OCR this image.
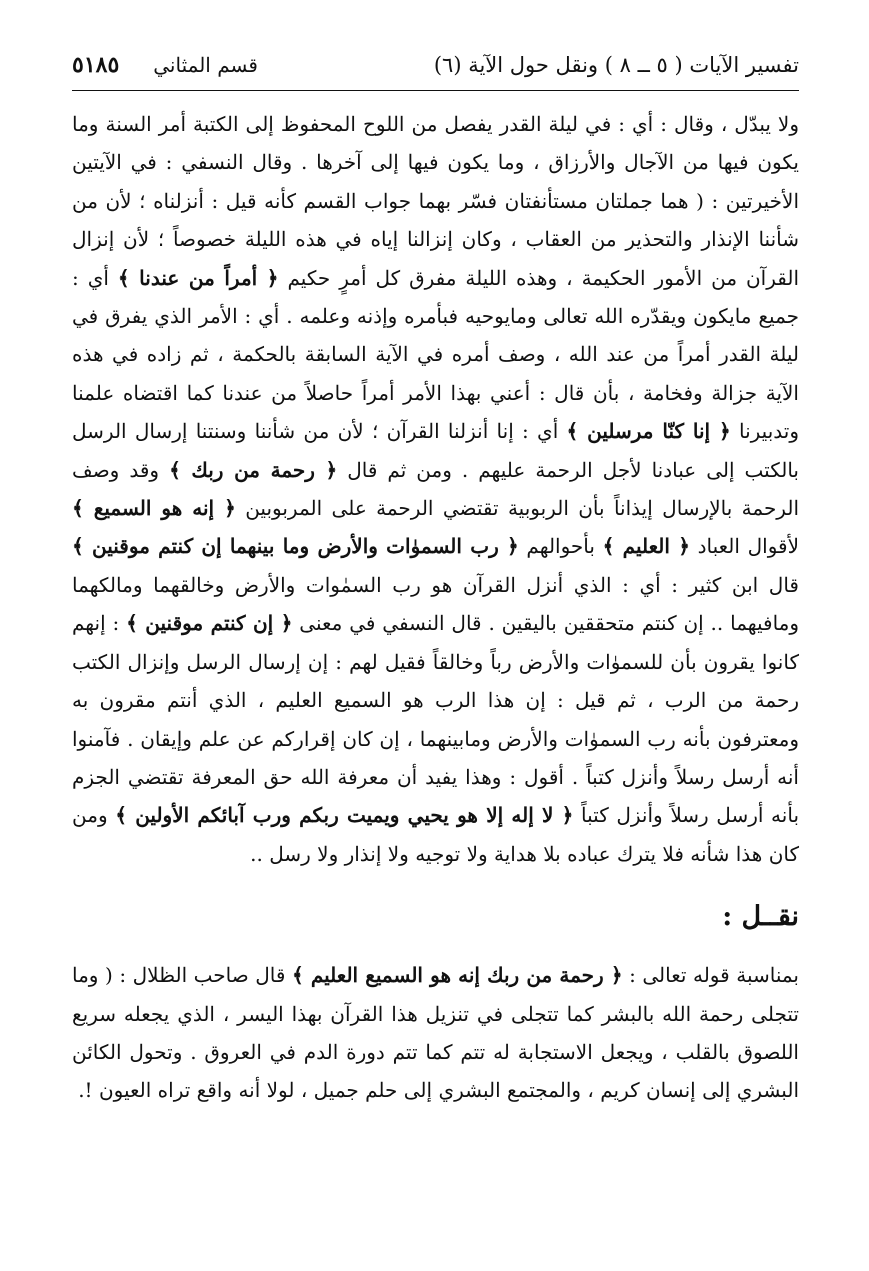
تفسير الآيات ( ٥ ــ ٨ ) ونقل حول الآية (٦)
قسم المثاني
٥١٨٥

ولا يبدّل ، وقال : أي : في ليلة القدر يفصل من اللوح المحفوظ إلى الكتبة أمر السنة وما يكون فيها من الآجال والأرزاق ، وما يكون فيها إلى آخرها . وقال النسفي : في الآيتين الأخيرتين : ( هما جملتان مستأنفتان فسّر بهما جواب القسم كأنه قيل : أنزلناه ؛ لأن من شأننا الإنذار والتحذير من العقاب ، وكان إنزالنا إياه في هذه الليلة خصوصاً ؛ لأن إنزال القرآن من الأمور الحكيمة ، وهذه الليلة مفرق كل أمرٍ حكيم ﴿ أمراً من عندنا ﴾ أي : جميع مايكون ويقدّره الله تعالى ومايوحيه فبأمره وإذنه وعلمه . أي : الأمر الذي يفرق في ليلة القدر أمراً من عند الله ، وصف أمره في الآية السابقة بالحكمة ، ثم زاده في هذه الآية جزالة وفخامة ، بأن قال : أعني بهذا الأمر أمراً حاصلاً من عندنا كما اقتضاه علمنا وتدبيرنا ﴿ إنا كنّا مرسلين ﴾ أي : إنا أنزلنا القرآن ؛ لأن من شأننا وسنتنا إرسال الرسل بالكتب إلى عبادنا لأجل الرحمة عليهم . ومن ثم قال ﴿ رحمة من ربك ﴾ وقد وصف الرحمة بالإرسال إيذاناً بأن الربوبية تقتضي الرحمة على المربوبين ﴿ إنه هو السميع ﴾ لأقوال العباد ﴿ العليم ﴾ بأحوالهم ﴿ رب السموٰات والأرض وما بينهما إن كنتم موقنين ﴾ قال ابن كثير : أي : الذي أنزل القرآن هو رب السمٰوات والأرض وخالقهما ومالكهما ومافيهما .. إن كنتم متحققين باليقين . قال النسفي في معنى ﴿ إن كنتم موقنين ﴾ : إنهم كانوا يقرون بأن للسموٰات والأرض رباً وخالقاً فقيل لهم : إن إرسال الرسل وإنزال الكتب رحمة من الرب ، ثم قيل : إن هذا الرب هو السميع العليم ، الذي أنتم مقرون به ومعترفون بأنه رب السموٰات والأرض ومابينهما ، إن كان إقراركم عن علم وإيقان . فآمنوا أنه أرسل رسلاً وأنزل كتباً . أقول : وهذا يفيد أن معرفة الله حق المعرفة تقتضي الجزم بأنه أرسل رسلاً وأنزل كتباً ﴿ لا إله إلا هو يحيي ويميت ربكم ورب آبائكم الأولين ﴾ ومن كان هذا شأنه فلا يترك عباده بلا هداية ولا توجيه ولا إنذار ولا رسل ..

نقــل :

بمناسبة قوله تعالى : ﴿ رحمة من ربك إنه هو السميع العليم ﴾ قال صاحب الظلال : ( وما تتجلى رحمة الله بالبشر كما تتجلى في تنزيل هذا القرآن بهذا اليسر ، الذي يجعله سريع اللصوق بالقلب ، ويجعل الاستجابة له تتم كما تتم دورة الدم في العروق . وتحول الكائن البشري إلى إنسان كريم ، والمجتمع البشري إلى حلم جميل ، لولا أنه واقع تراه العيون !.
